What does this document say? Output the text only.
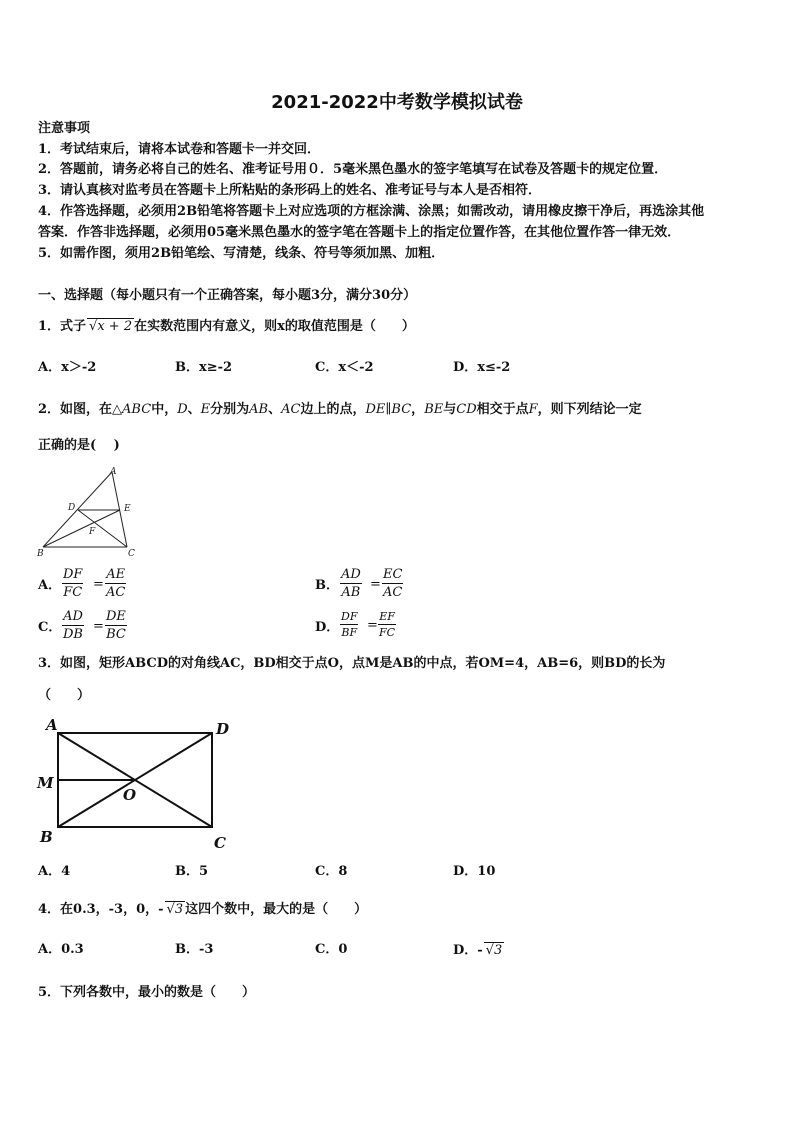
2021-2022中考数学模拟试卷
注意事项
1．考试结束后，请将本试卷和答题卡一并交回．
2．答题前，请务必将自己的姓名、准考证号用０．5毫米黑色墨水的签字笔填写在试卷及答题卡的规定位置．
3．请认真核对监考员在答题卡上所粘贴的条形码上的姓名、准考证号与本人是否相符．
4．作答选择题，必须用2B铅笔将答题卡上对应选项的方框涂满、涂黑；如需改动，请用橡皮擦干净后，再选涂其他
答案．作答非选择题，必须用05毫米黑色墨水的签字笔在答题卡上的指定位置作答，在其他位置作答一律无效．
5．如需作图，须用2B铅笔绘、写清楚，线条、符号等须加黑、加粗．
一、选择题（每小题只有一个正确答案，每小题3分，满分30分）
1．式子 √x + 2 在实数范围内有意义，则x的取值范围是（　　）
A．x＞-2	B．x≥-2	C．x＜-2	D．x≤-2
2．如图，在△ABC中，D、E分别为AB、AC边上的点，DE∥BC，BE与CD相交于点F，则下列结论一定
正确的是(　 )
A
D	E
F
B	C
A． $\frac{DF}{FC} = \frac{AE}{AC}$	B． $\frac{AD}{AB} = \frac{EC}{AC}$
C． $\frac{AD}{DB} = \frac{DE}{BC}$	D． $\frac{DF}{BF} = \frac{EF}{FC}$
3．如图，矩形ABCD的对角线AC，BD相交于点O，点M是AB的中点，若OM=4，AB=6，则BD的长为
（　　）
A	D
M
O
B	C
A．4	B．5	C．8	D．10
4．在0.3，-3，0，- √3 这四个数中，最大的是（　　）
A．0.3	B．-3	C．0	D．- √3
5．下列各数中，最小的数是（　　）
